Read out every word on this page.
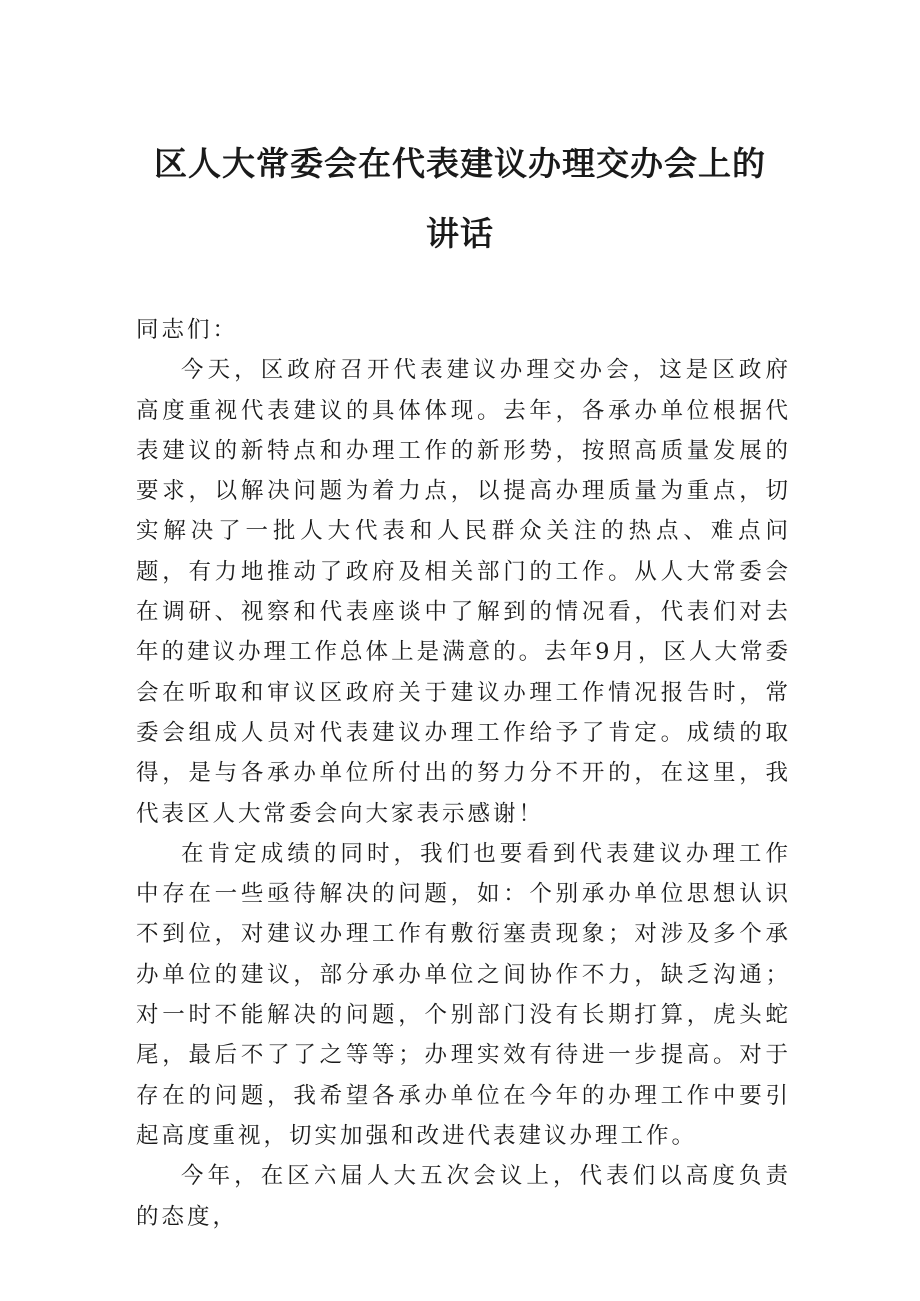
区人大常委会在代表建议办理交办会上的
讲话

同志们：

今天，区政府召开代表建议办理交办会，这是区政府高度重视代表建议的具体体现。去年，各承办单位根据代表建议的新特点和办理工作的新形势，按照高质量发展的要求，以解决问题为着力点，以提高办理质量为重点，切实解决了一批人大代表和人民群众关注的热点、难点问题，有力地推动了政府及相关部门的工作。从人大常委会在调研、视察和代表座谈中了解到的情况看，代表们对去年的建议办理工作总体上是满意的。去年9月，区人大常委会在听取和审议区政府关于建议办理工作情况报告时，常委会组成人员对代表建议办理工作给予了肯定。成绩的取得，是与各承办单位所付出的努力分不开的，在这里，我代表区人大常委会向大家表示感谢！

在肯定成绩的同时，我们也要看到代表建议办理工作中存在一些亟待解决的问题，如：个别承办单位思想认识不到位，对建议办理工作有敷衍塞责现象；对涉及多个承办单位的建议，部分承办单位之间协作不力，缺乏沟通；对一时不能解决的问题，个别部门没有长期打算，虎头蛇尾，最后不了了之等等；办理实效有待进一步提高。对于存在的问题，我希望各承办单位在今年的办理工作中要引起高度重视，切实加强和改进代表建议办理工作。

今年，在区六届人大五次会议上，代表们以高度负责的态度，
